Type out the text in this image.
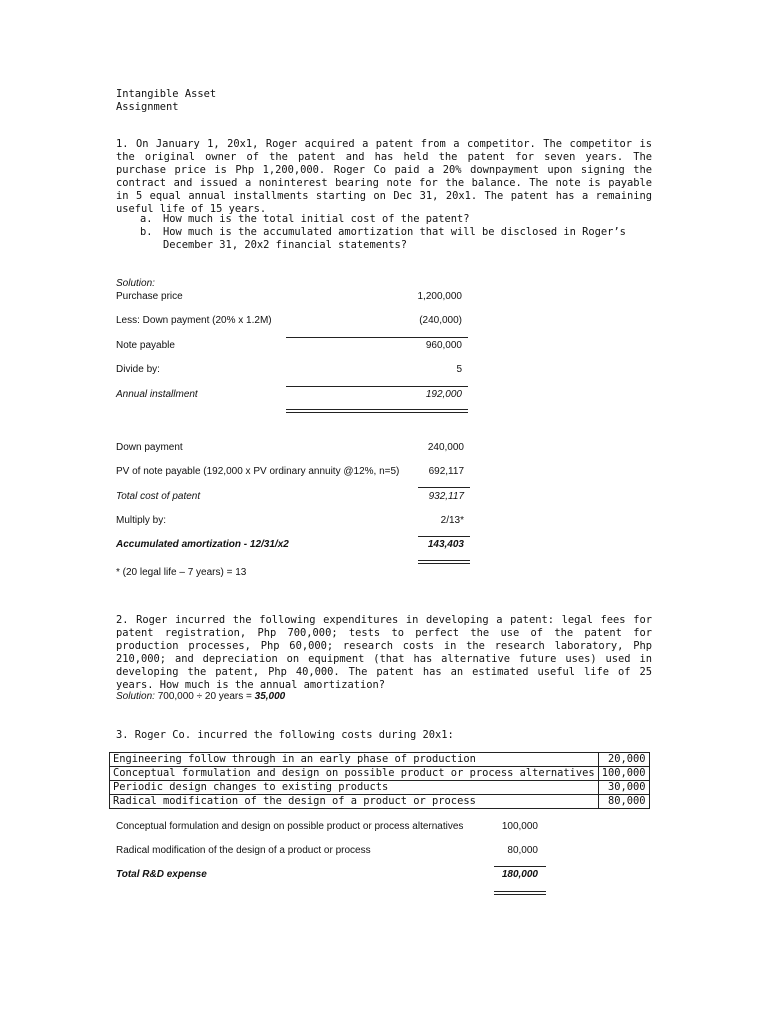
Intangible Asset
Assignment

1. On January 1, 20x1, Roger acquired a patent from a competitor. The competitor is the original owner of the patent and has held the patent for seven years. The purchase price is Php 1,200,000. Roger Co paid a 20% downpayment upon signing the contract and issued a noninterest bearing note for the balance. The note is payable in 5 equal annual installments starting on Dec 31, 20x1. The patent has a remaining useful life of 15 years.

a.	How much is the total initial cost of the patent?
b.	How much is the accumulated amortization that will be disclosed in Roger’s December 31, 20x2 financial statements?
Solution:
Purchase price	1,200,000
Less: Down payment (20% x 1.2M)	(240,000)
Note payable	960,000
Divide by:	5
Annual installment	192,000
Down payment	240,000
PV of note payable (192,000 x PV ordinary annuity @12%, n=5)	692,117
Total cost of patent	932,117
Multiply by:	2/13*
Accumulated amortization - 12/31/x2	143,403
* (20 legal life – 7 years) = 13

2. Roger incurred the following expenditures in developing a patent: legal fees for patent registration, Php 700,000; tests to perfect the use of the patent for production processes, Php 60,000; research costs in the research laboratory, Php 210,000; and depreciation on equipment (that has alternative future uses) used in developing the patent, Php 40,000. The patent has an estimated useful life of 25 years. How much is the annual amortization?

Solution: 700,000 ÷ 20 years = 35,000
3. Roger Co. incurred the following costs during 20x1:
Engineering follow through in an early phase of production	20,000
Conceptual formulation and design on possible product or process alternatives	100,000
Periodic design changes to existing products	30,000
Radical modification of the design of a product or process	80,000
Conceptual formulation and design on possible product or process alternatives	100,000
Radical modification of the design of a product or process	80,000
Total R&D expense	180,000
